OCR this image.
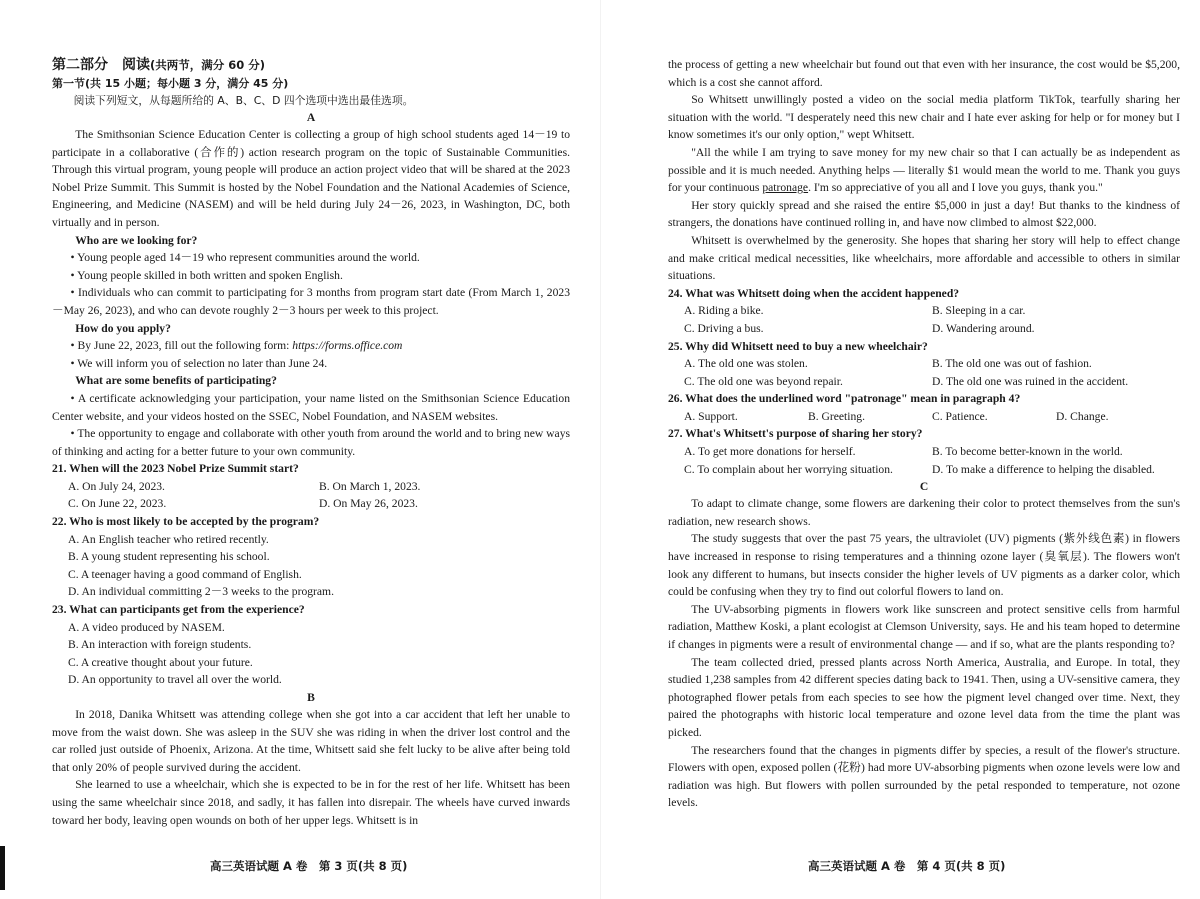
第二部分　阅读(共两节，满分 60 分)

第一节(共 15 小题；每小题 3 分，满分 45 分)

阅读下列短文，从每题所给的 A、B、C、D 四个选项中选出最佳选项。

A

The Smithsonian Science Education Center is collecting a group of high school students aged 14－19 to participate in a collaborative (合作的) action research program on the topic of Sustainable Communities. Through this virtual program, young people will produce an action project video that will be shared at the 2023 Nobel Prize Summit. This Summit is hosted by the Nobel Foundation and the National Academies of Science, Engineering, and Medicine (NASEM) and will be held during July 24－26, 2023, in Washington, DC, both virtually and in person.

Who are we looking for?

• Young people aged 14－19 who represent communities around the world.

• Young people skilled in both written and spoken English.

• Individuals who can commit to participating for 3 months from program start date (From March 1, 2023－May 26, 2023), and who can devote roughly 2－3 hours per week to this project.

How do you apply?

• By June 22, 2023, fill out the following form: https://forms.office.com

• We will inform you of selection no later than June 24.

What are some benefits of participating?

• A certificate acknowledging your participation, your name listed on the Smithsonian Science Education Center website, and your videos hosted on the SSEC, Nobel Foundation, and NASEM websites.

• The opportunity to engage and collaborate with other youth from around the world and to bring new ways of thinking and acting for a better future to your own community.

21. When will the 2023 Nobel Prize Summit start?

A. On July 24, 2023.	B. On March 1, 2023.
C. On June 22, 2023.	D. On May 26, 2023.

22. Who is most likely to be accepted by the program?

A. An English teacher who retired recently.
B. A young student representing his school.
C. A teenager having a good command of English.
D. An individual committing 2－3 weeks to the program.

23. What can participants get from the experience?

A. A video produced by NASEM.
B. An interaction with foreign students.
C. A creative thought about your future.
D. An opportunity to travel all over the world.

B

In 2018, Danika Whitsett was attending college when she got into a car accident that left her unable to move from the waist down. She was asleep in the SUV she was riding in when the driver lost control and the car rolled just outside of Phoenix, Arizona. At the time, Whitsett said she felt lucky to be alive after being told that only 20% of people survived during the accident.

She learned to use a wheelchair, which she is expected to be in for the rest of her life. Whitsett has been using the same wheelchair since 2018, and sadly, it has fallen into disrepair. The wheels have curved inwards toward her body, leaving open wounds on both of her upper legs. Whitsett is in

高三英语试题 A 卷　第 3 页(共 8 页)

the process of getting a new wheelchair but found out that even with her insurance, the cost would be $5,200, which is a cost she cannot afford.

So Whitsett unwillingly posted a video on the social media platform TikTok, tearfully sharing her situation with the world. "I desperately need this new chair and I hate ever asking for help or for money but I know sometimes it's our only option," wept Whitsett.

"All the while I am trying to save money for my new chair so that I can actually be as independent as possible and it is much needed. Anything helps — literally $1 would mean the world to me. Thank you guys for your continuous patronage. I'm so appreciative of you all and I love you guys, thank you."

Her story quickly spread and she raised the entire $5,000 in just a day! But thanks to the kindness of strangers, the donations have continued rolling in, and have now climbed to almost $22,000.

Whitsett is overwhelmed by the generosity. She hopes that sharing her story will help to effect change and make critical medical necessities, like wheelchairs, more affordable and accessible to others in similar situations.

24. What was Whitsett doing when the accident happened?

A. Riding a bike.	B. Sleeping in a car.
C. Driving a bus.	D. Wandering around.

25. Why did Whitsett need to buy a new wheelchair?

A. The old one was stolen.	B. The old one was out of fashion.
C. The old one was beyond repair.	D. The old one was ruined in the accident.

26. What does the underlined word "patronage" mean in paragraph 4?

A. Support.	B. Greeting.	C. Patience.	D. Change.

27. What's Whitsett's purpose of sharing her story?

A. To get more donations for herself.	B. To become better-known in the world.
C. To complain about her worrying situation.	D. To make a difference to helping the disabled.

C

To adapt to climate change, some flowers are darkening their color to protect themselves from the sun's radiation, new research shows.

The study suggests that over the past 75 years, the ultraviolet (UV) pigments (紫外线色素) in flowers have increased in response to rising temperatures and a thinning ozone layer (臭氧层). The flowers won't look any different to humans, but insects consider the higher levels of UV pigments as a darker color, which could be confusing when they try to find out colorful flowers to land on.

The UV-absorbing pigments in flowers work like sunscreen and protect sensitive cells from harmful radiation, Matthew Koski, a plant ecologist at Clemson University, says. He and his team hoped to determine if changes in pigments were a result of environmental change — and if so, what are the plants responding to?

The team collected dried, pressed plants across North America, Australia, and Europe. In total, they studied 1,238 samples from 42 different species dating back to 1941. Then, using a UV-sensitive camera, they photographed flower petals from each species to see how the pigment level changed over time. Next, they paired the photographs with historic local temperature and ozone level data from the time the plant was picked.

The researchers found that the changes in pigments differ by species, a result of the flower's structure. Flowers with open, exposed pollen (花粉) had more UV-absorbing pigments when ozone levels were low and radiation was high. But flowers with pollen surrounded by the petal responded to temperature, not ozone levels.

高三英语试题 A 卷　第 4 页(共 8 页)
